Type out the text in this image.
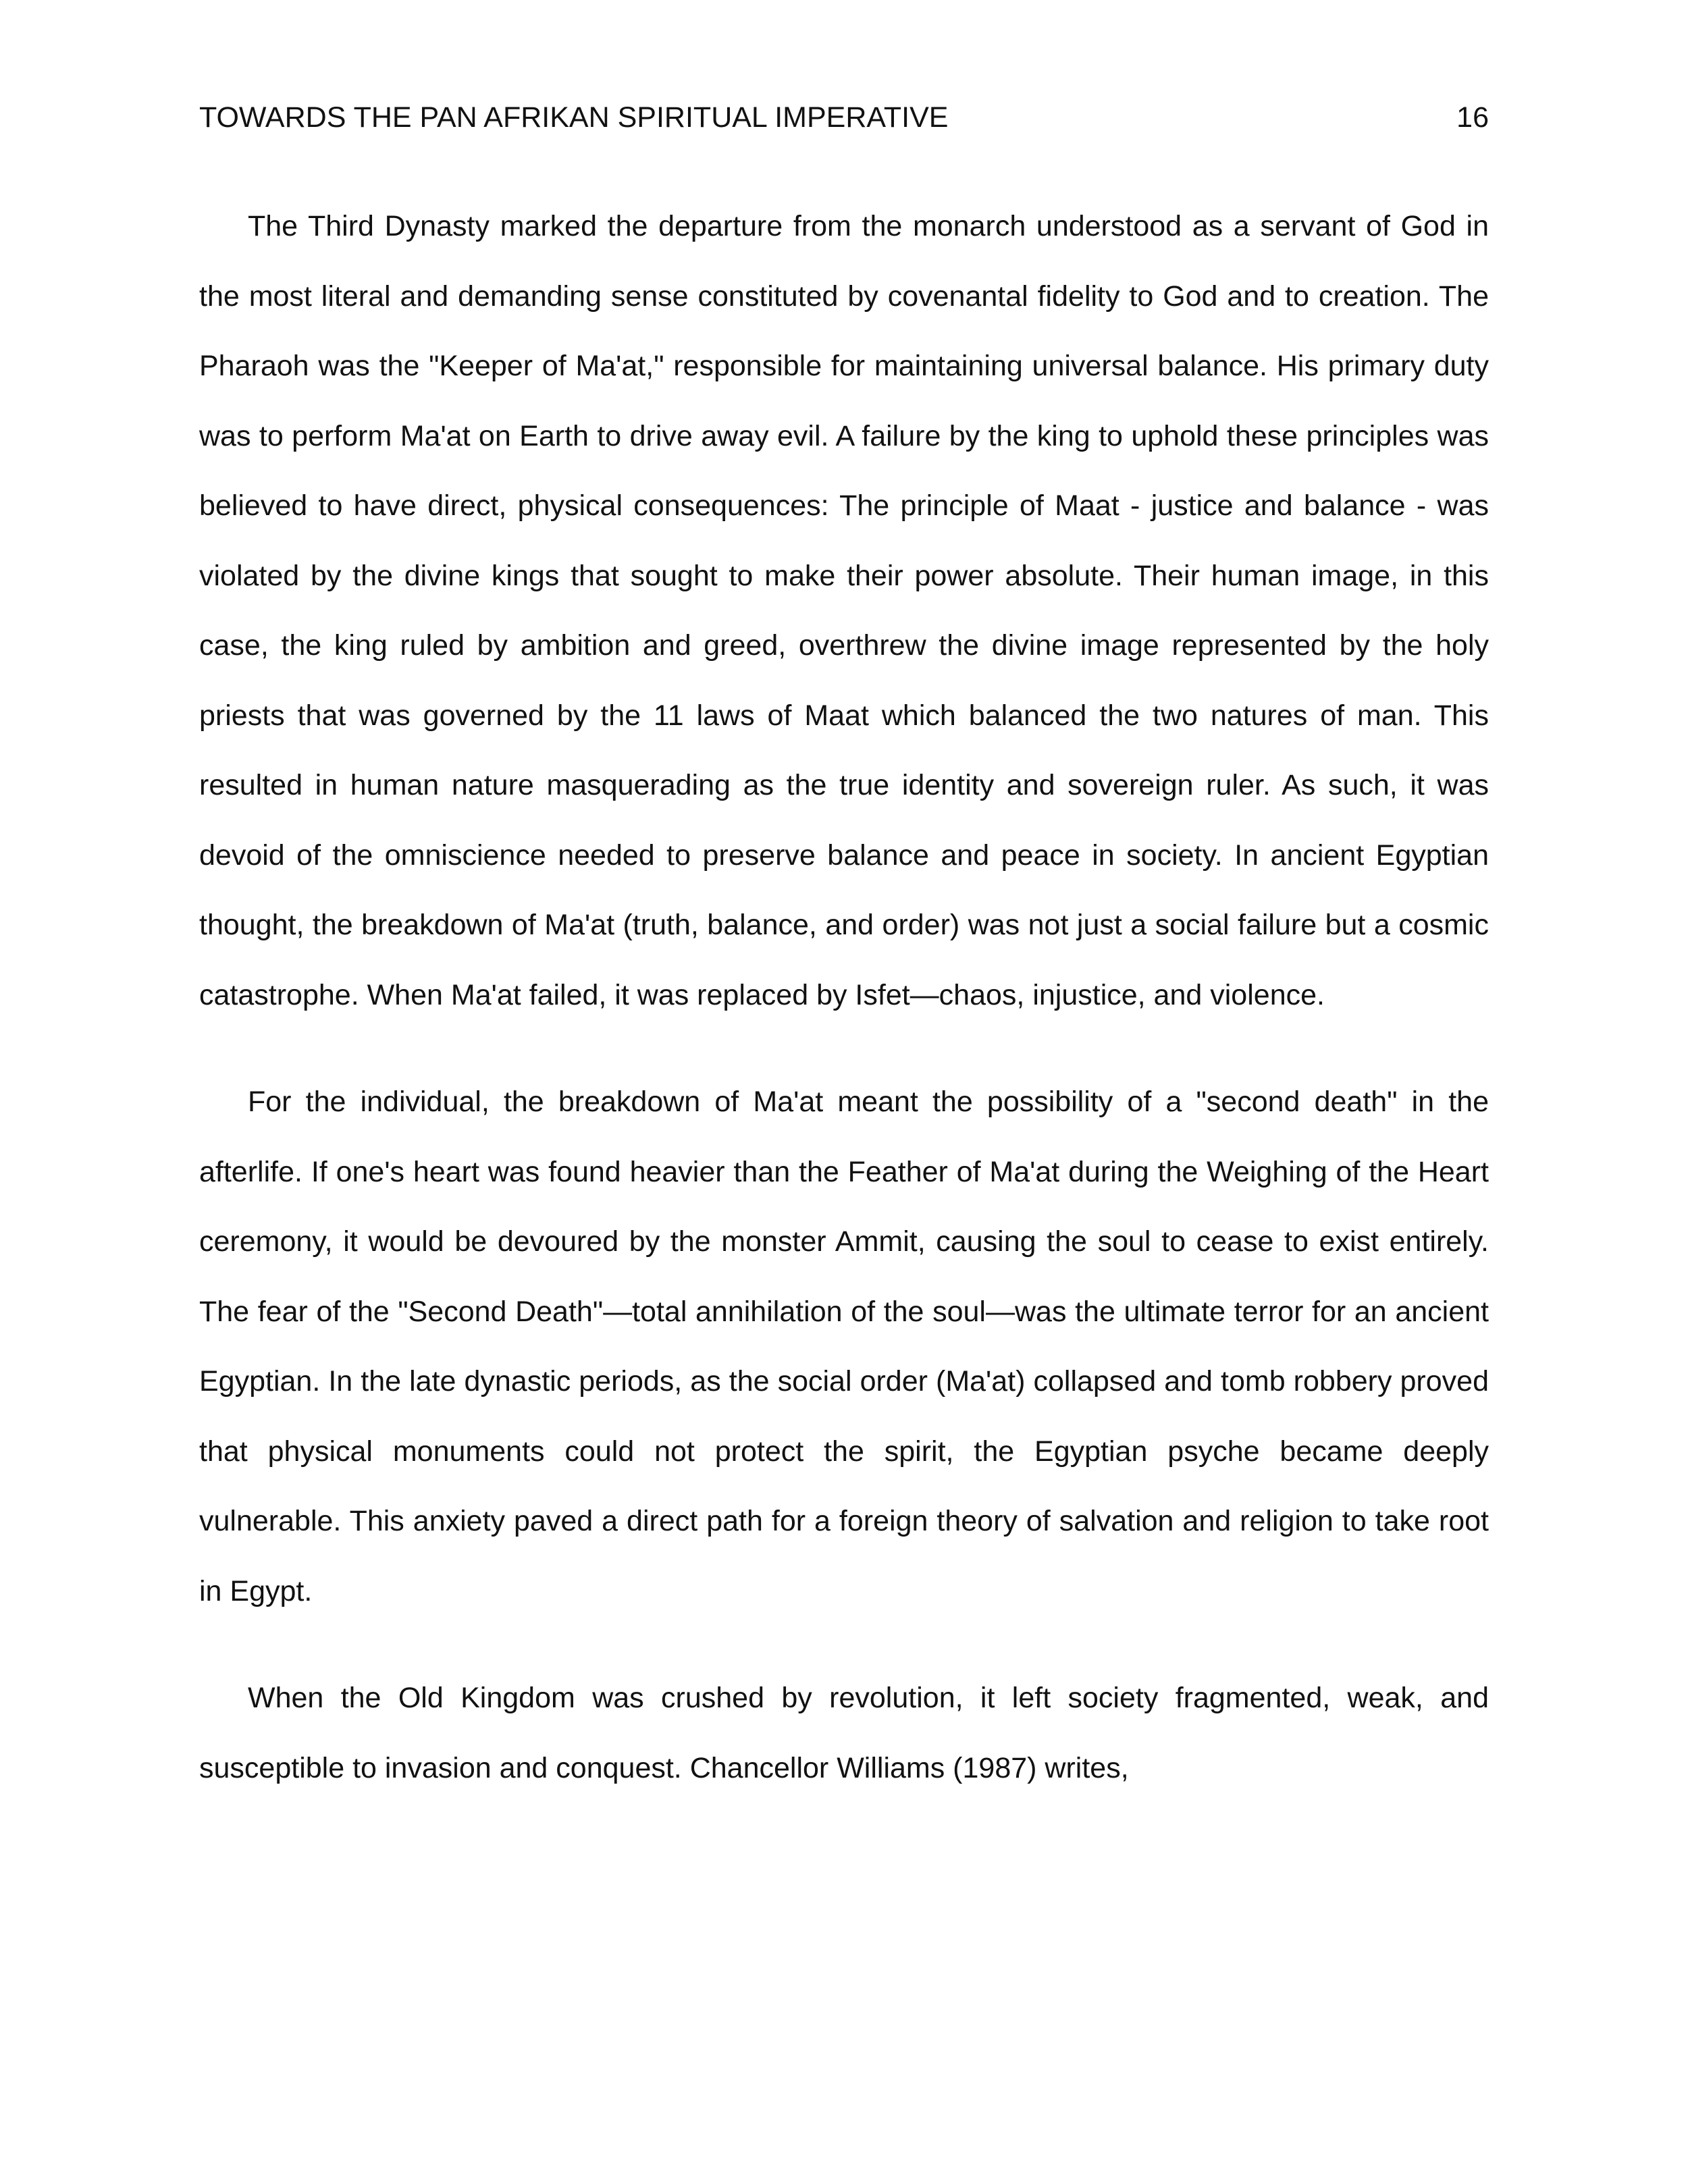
TOWARDS THE PAN AFRIKAN SPIRITUAL IMPERATIVE	16

The Third Dynasty marked the departure from the monarch understood as a servant of God in the most literal and demanding sense constituted by covenantal fidelity to God and to creation. The Pharaoh was the "Keeper of Ma'at," responsible for maintaining universal balance. His primary duty was to perform Ma'at on Earth to drive away evil. A failure by the king to uphold these principles was believed to have direct, physical consequences: The principle of Maat - justice and balance - was violated by the divine kings that sought to make their power absolute. Their human image, in this case, the king ruled by ambition and greed, overthrew the divine image represented by the holy priests that was governed by the 11 laws of Maat which balanced the two natures of man. This resulted in human nature masquerading as the true identity and sovereign ruler. As such, it was devoid of the omniscience needed to preserve balance and peace in society. In ancient Egyptian thought, the breakdown of Ma'at (truth, balance, and order) was not just a social failure but a cosmic catastrophe. When Ma'at failed, it was replaced by Isfet—chaos, injustice, and violence.

For the individual, the breakdown of Ma'at meant the possibility of a "second death" in the afterlife. If one's heart was found heavier than the Feather of Ma'at during the Weighing of the Heart ceremony, it would be devoured by the monster Ammit, causing the soul to cease to exist entirely. The fear of the "Second Death"—total annihilation of the soul—was the ultimate terror for an ancient Egyptian. In the late dynastic periods, as the social order (Ma'at) collapsed and tomb robbery proved that physical monuments could not protect the spirit, the Egyptian psyche became deeply vulnerable. This anxiety paved a direct path for a foreign theory of salvation and religion to take root in Egypt.

When the Old Kingdom was crushed by revolution, it left society fragmented, weak, and susceptible to invasion and conquest. Chancellor Williams (1987) writes,
